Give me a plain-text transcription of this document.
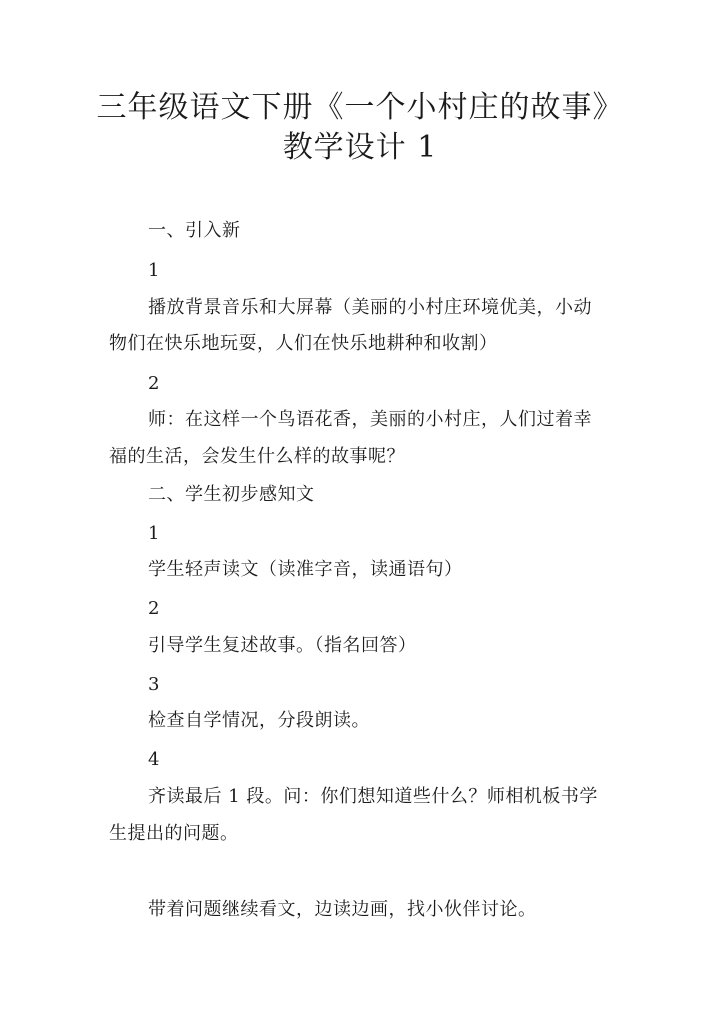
三年级语文下册《一个小村庄的故事》
教学设计 1
一、引入新
1
播放背景音乐和大屏幕（美丽的小村庄环境优美，小动
物们在快乐地玩耍，人们在快乐地耕种和收割）
2
师：在这样一个鸟语花香，美丽的小村庄，人们过着幸
福的生活，会发生什么样的故事呢？
二、学生初步感知文
1
学生轻声读文（读准字音，读通语句）
2
引导学生复述故事。（指名回答）
3
检查自学情况，分段朗读。
4
齐读最后 1 段。问：你们想知道些什么？师相机板书学
生提出的问题。
带着问题继续看文，边读边画，找小伙伴讨论。
